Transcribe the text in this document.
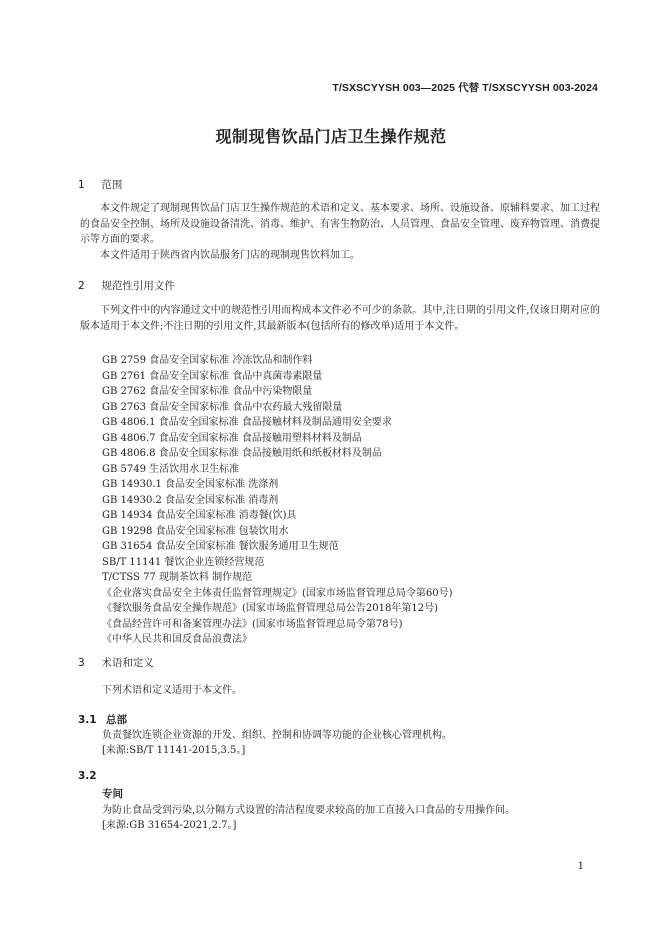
T/SXSCYYSH 003—2025 代替 T/SXSCYYSH 003-2024
现制现售饮品门店卫生操作规范
1 范围
本文件规定了现制现售饮品门店卫生操作规范的术语和定义、基本要求、场所、设施设备、原辅料要求、加工过程的食品安全控制、场所及设施设备清洗、消毒、维护、有害生物防治、人员管理、食品安全管理、废弃物管理、消费提示等方面的要求。
本文件适用于陕西省内饮品服务门店的现制现售饮料加工。
2 规范性引用文件
下列文件中的内容通过文中的规范性引用而构成本文件必不可少的条款。其中,注日期的引用文件,仅该日期对应的版本适用于本文件;不注日期的引用文件,其最新版本(包括所有的修改单)适用于本文件。
GB 2759 食品安全国家标准 冷冻饮品和制作料
GB 2761 食品安全国家标准 食品中真菌毒素限量
GB 2762 食品安全国家标准 食品中污染物限量
GB 2763 食品安全国家标准 食品中农药最大残留限量
GB 4806.1 食品安全国家标准 食品接触材料及制品通用安全要求
GB 4806.7 食品安全国家标准 食品接触用塑料材料及制品
GB 4806.8 食品安全国家标准 食品接触用纸和纸板材料及制品
GB 5749 生活饮用水卫生标准
GB 14930.1 食品安全国家标准 洗涤剂
GB 14930.2 食品安全国家标准 消毒剂
GB 14934 食品安全国家标准 消毒餐(饮)具
GB 19298 食品安全国家标准 包装饮用水
GB 31654 食品安全国家标准 餐饮服务通用卫生规范
SB/T 11141 餐饮企业连锁经营规范
T/CTSS 77 现制茶饮料 制作规范
《企业落实食品安全主体责任监督管理规定》(国家市场监督管理总局令第60号)
《餐饮服务食品安全操作规范》(国家市场监督管理总局公告2018年第12号)
《食品经营许可和备案管理办法》(国家市场监督管理总局令第78号)
《中华人民共和国反食品浪费法》
3 术语和定义
下列术语和定义适用于本文件。
3.1 总部
负责餐饮连锁企业资源的开发、组织、控制和协调等功能的企业核心管理机构。
[来源:SB/T 11141-2015,3.5。]
3.2
专间
为防止食品受到污染,以分隔方式设置的清洁程度要求较高的加工直接入口食品的专用操作间。
[来源:GB 31654-2021,2.7。]
1
